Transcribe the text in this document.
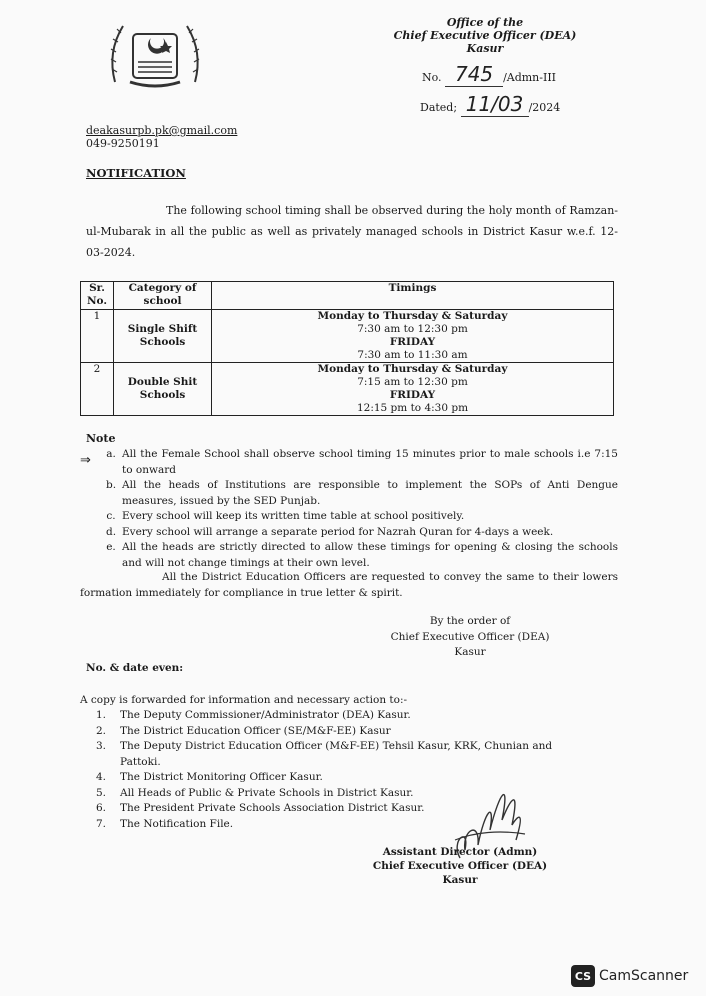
Office of the
Chief Executive Officer (DEA)
Kasur
No. 745 /Admn-III
Dated; 11/03 /2024
deakasurpb.pk@gmail.com
049-9250191
NOTIFICATION
The following school timing shall be observed during the holy month of Ramzan-ul-Mubarak in all the public as well as privately managed schools in District Kasur w.e.f. 12-03-2024.
Sr. No.	Category of school	Timings
1	Single Shift Schools	Monday to Thursday & Saturday
7:30 am to 12:30 pm
FRIDAY
7:30 am to 11:30 am

2	Double Shit Schools	Monday to Thursday & Saturday
7:15 am to 12:30 pm
FRIDAY
12:15 pm to 4:30 pm
Note
⇒	a. All the Female School shall observe school timing 15 minutes prior to male schools i.e 7:15 to onward
b. All the heads of Institutions are responsible to implement the SOPs of Anti Dengue measures, issued by the SED Punjab.
c. Every school will keep its written time table at school positively.
d. Every school will arrange a separate period for Nazrah Quran for 4-days a week.
e. All the heads are strictly directed to allow these timings for opening & closing the schools and will not change timings at their own level.
All the District Education Officers are requested to convey the same to their lowers formation immediately for compliance in true letter & spirit.
By the order of
Chief Executive Officer (DEA)
Kasur
No. & date even:
A copy is forwarded for information and necessary action to:-
1.	The Deputy Commissioner/Administrator (DEA) Kasur.
2.	The District Education Officer (SE/M&F-EE) Kasur
3.	The Deputy District Education Officer (M&F-EE) Tehsil Kasur, KRK, Chunian and Pattoki.
4.	The District Monitoring Officer Kasur.
5.	All Heads of Public & Private Schools in District Kasur.
6.	The President Private Schools Association District Kasur.
7.	The Notification File.
Assistant Director (Admn)
Chief Executive Officer (DEA)
Kasur
CS CamScanner
